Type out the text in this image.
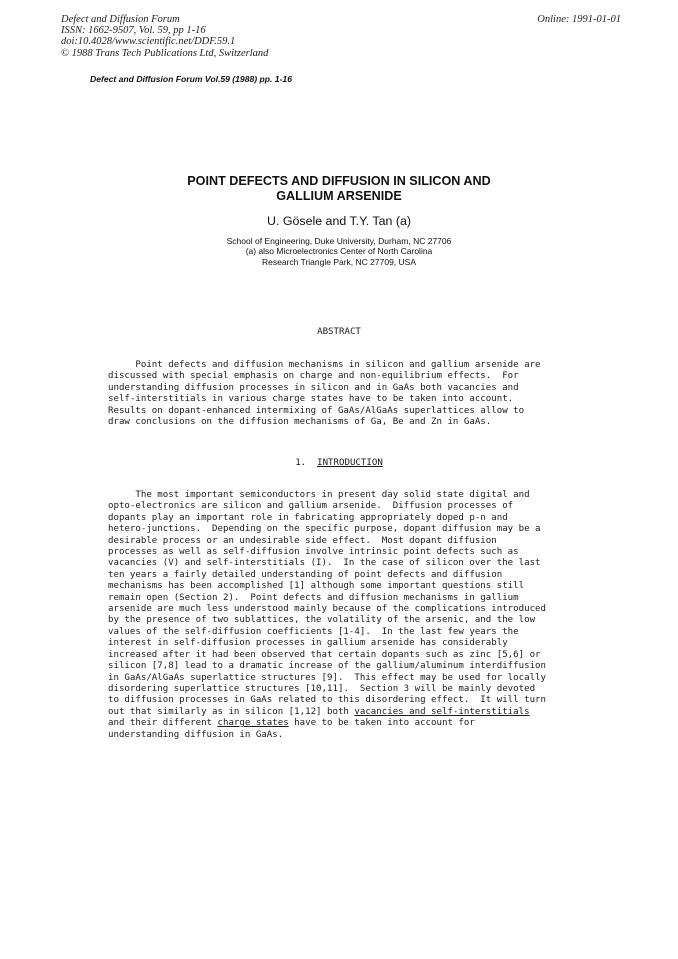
Defect and Diffusion Forum
ISSN: 1662-9507, Vol. 59, pp 1-16
doi:10.4028/www.scientific.net/DDF.59.1
© 1988 Trans Tech Publications Ltd, Switzerland
Online: 1991-01-01
Defect and Diffusion Forum Vol.59 (1988) pp. 1-16
POINT DEFECTS AND DIFFUSION IN SILICON AND
GALLIUM ARSENIDE
U. Gösele and T.Y. Tan (a)
School of Engineering, Duke University, Durham, NC 27706
(a) also Microelectronics Center of North Carolina
Research Triangle Park, NC 27709, USA
ABSTRACT
Point defects and diffusion mechanisms in silicon and gallium arsenide are
discussed with special emphasis on charge and non-equilibrium effects.  For
understanding diffusion processes in silicon and in GaAs both vacancies and
self-interstitials in various charge states have to be taken into account.
Results on dopant-enhanced intermixing of GaAs/AlGaAs superlattices allow to
draw conclusions on the diffusion mechanisms of Ga, Be and Zn in GaAs.
1.  INTRODUCTION
The most important semiconductors in present day solid state digital and
opto-electronics are silicon and gallium arsenide.  Diffusion processes of
dopants play an important role in fabricating appropriately doped p-n and
hetero-junctions.  Depending on the specific purpose, dopant diffusion may be a
desirable process or an undesirable side effect.  Most dopant diffusion
processes as well as self-diffusion involve intrinsic point defects such as
vacancies (V) and self-interstitials (I).  In the case of silicon over the last
ten years a fairly detailed understanding of point defects and diffusion
mechanisms has been accomplished [1] although some important questions still
remain open (Section 2).  Point defects and diffusion mechanisms in gallium
arsenide are much less understood mainly because of the complications introduced
by the presence of two sublattices, the volatility of the arsenic, and the low
values of the self-diffusion coefficients [1-4].  In the last few years the
interest in self-diffusion processes in gallium arsenide has considerably
increased after it had been observed that certain dopants such as zinc [5,6] or
silicon [7,8] lead to a dramatic increase of the gallium/aluminum interdiffusion
in GaAs/AlGaAs superlattice structures [9].  This effect may be used for locally
disordering superlattice structures [10,11].  Section 3 will be mainly devoted
to diffusion processes in GaAs related to this disordering effect.  It will turn
out that similarly as in silicon [1,12] both vacancies and self-interstitials
and their different charge states have to be taken into account for
understanding diffusion in GaAs.
